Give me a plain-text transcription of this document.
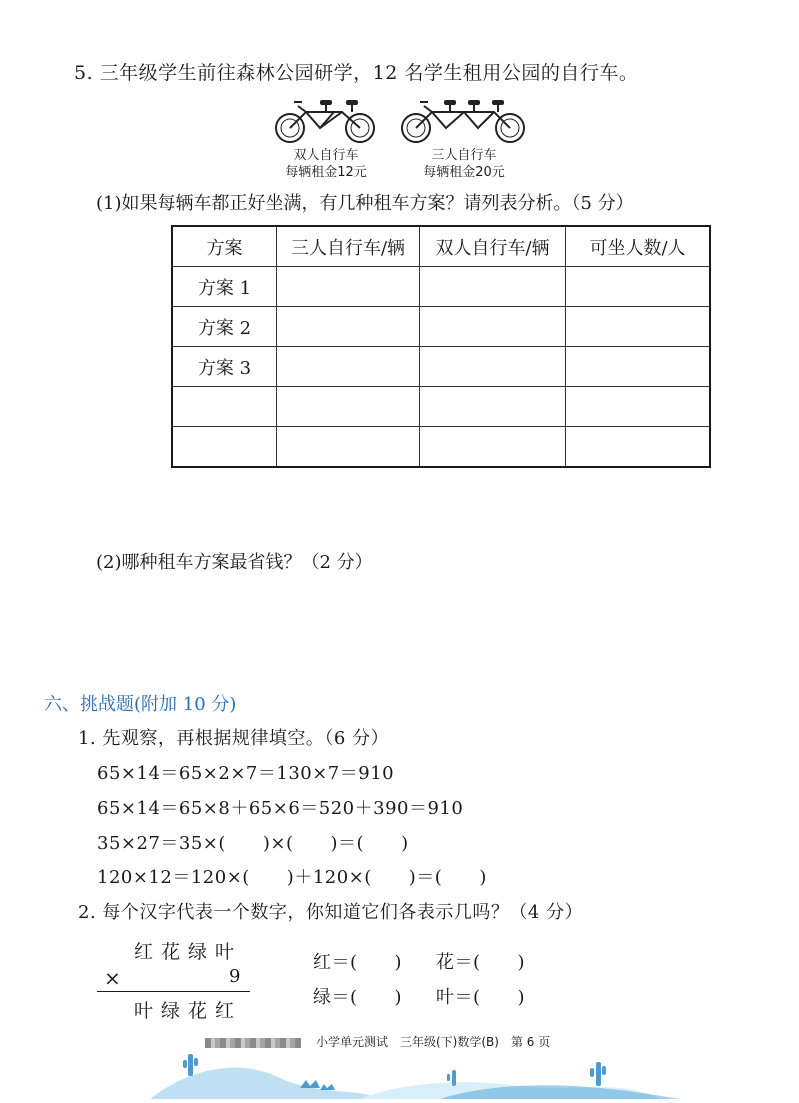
5. 三年级学生前往森林公园研学，12 名学生租用公园的自行车。
双人自行车
每辆租金12元
三人自行车
每辆租金20元
(1)如果每辆车都正好坐满，有几种租车方案？请列表分析。（5 分）
方案	三人自行车/辆	双人自行车/辆	可坐人数/人
方案 1			
方案 2			
方案 3			

(2)哪种租车方案最省钱？（2 分）
六、挑战题(附加 10 分)
1. 先观察，再根据规律填空。（6 分）
65×14＝65×2×7＝130×7＝910
65×14＝65×8＋65×6＝520＋390＝910
35×27＝35×(　　)×(　　)＝(　　)
120×12＝120×(　　)＋120×(　　)＝(　　)
2. 每个汉字代表一个数字，你知道它们各表示几吗？（4 分）
红花绿叶
×	9
叶绿花红
红＝(　　) 花＝(　　)
绿＝(　　) 叶＝(　　)
小学单元测试　三年级(下)数学(B)　第 6 页
